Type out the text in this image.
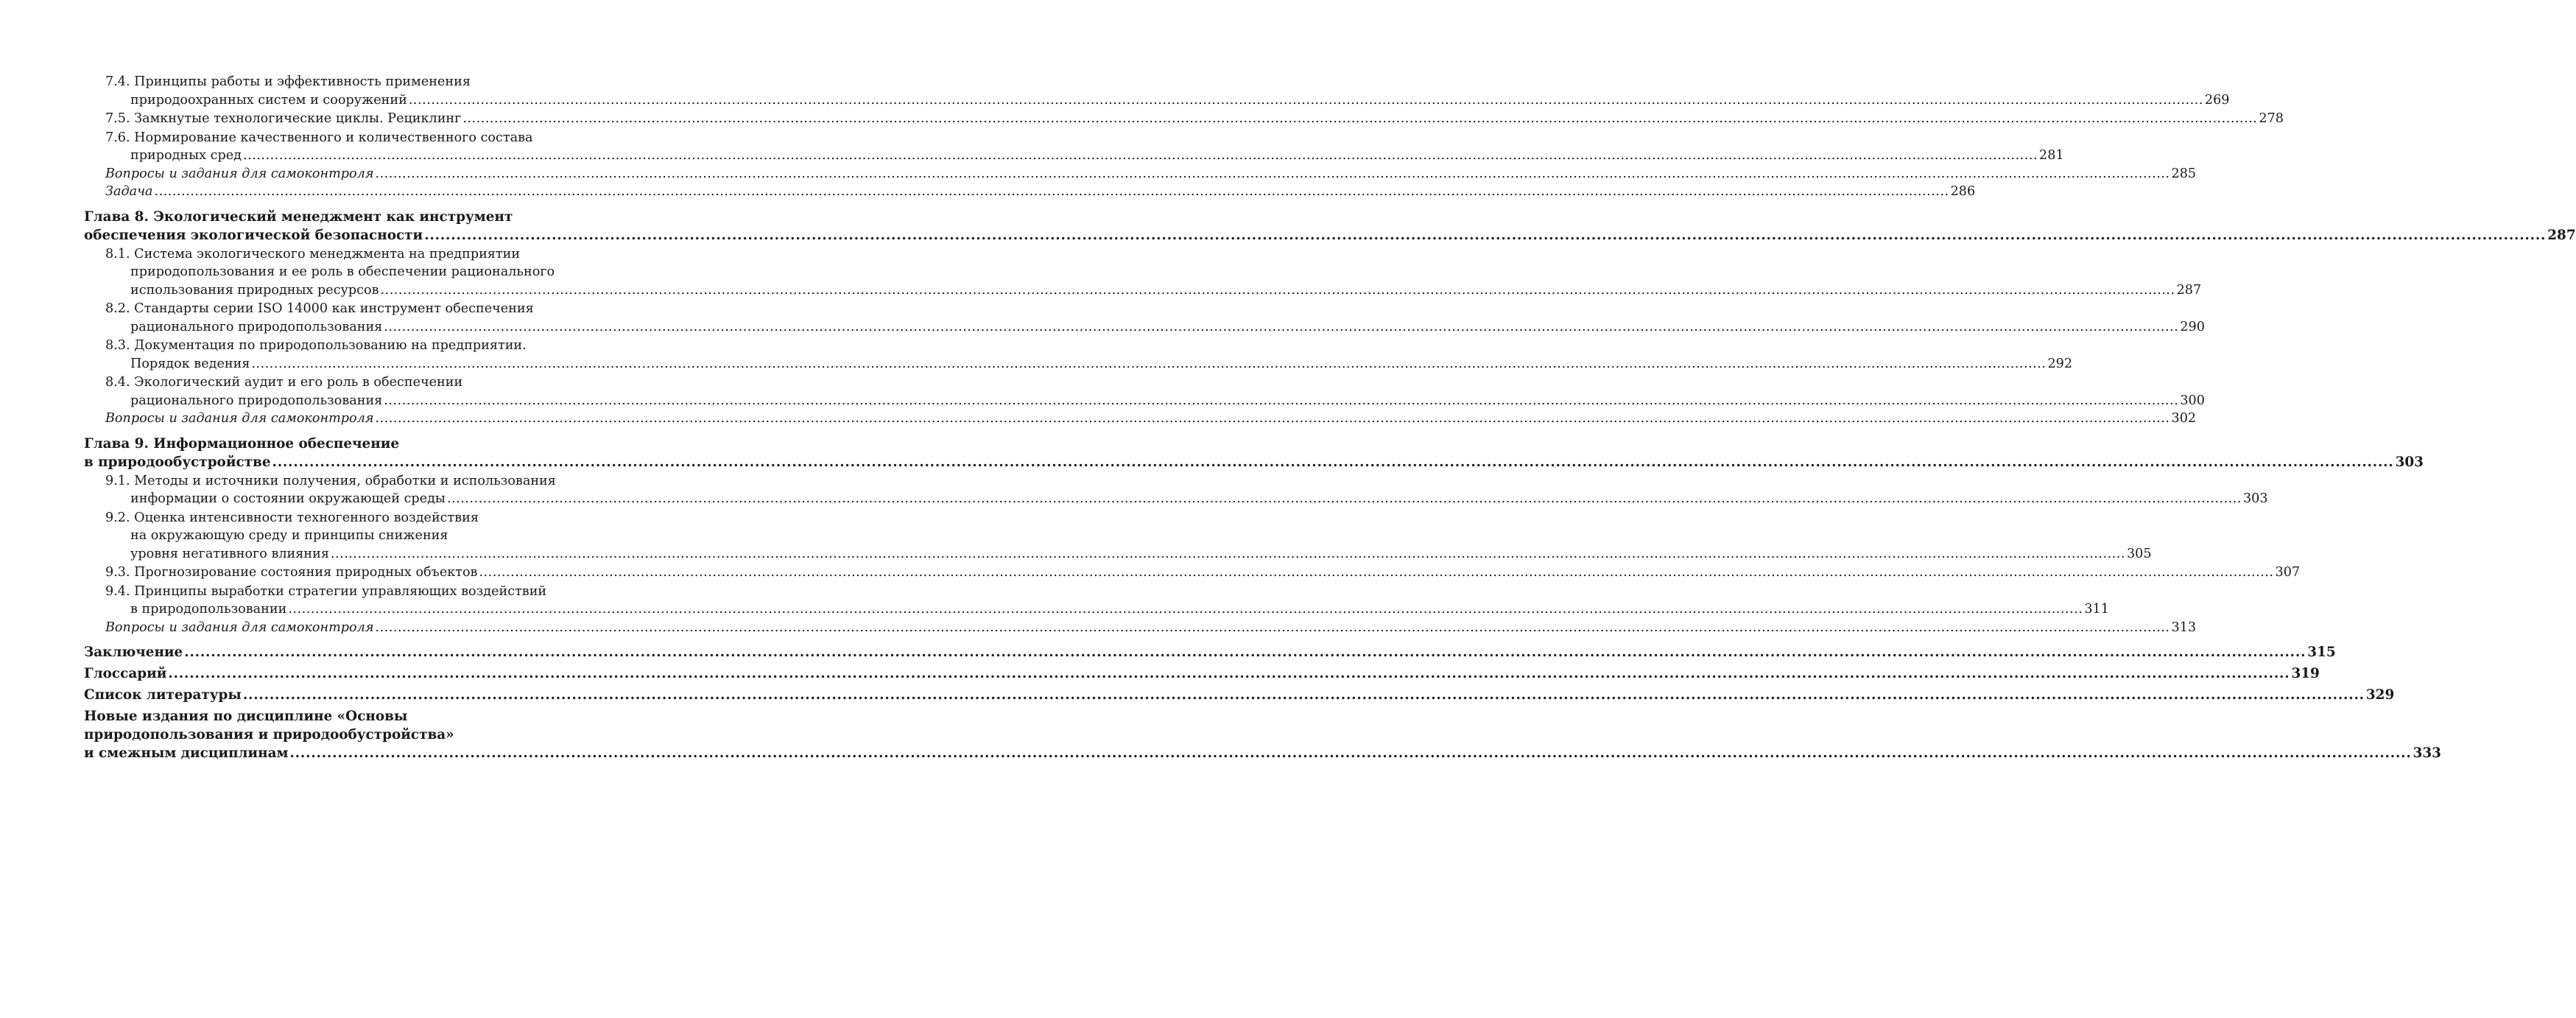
7.4. Принципы работы и эффективность применения
природоохранных систем и сооружений ................................................................................................................................................................................................................................................................................................................................................................................................................ 269
7.5. Замкнутые технологические циклы. Рециклинг ................................................................................................................................................................................................................................................................................................................................................................................................................ 278
7.6. Нормирование качественного и количественного состава
природных сред ................................................................................................................................................................................................................................................................................................................................................................................................................ 281
Вопросы и задания для самоконтроля ................................................................................................................................................................................................................................................................................................................................................................................................................ 285
Задача ................................................................................................................................................................................................................................................................................................................................................................................................................ 286
Глава 8. Экологический менеджмент как инструмент
обеспечения экологической безопасности ................................................................................................................................................................................................................................................................................................................................................................................................................ 287
8.1. Система экологического менеджмента на предприятии
природопользования и ее роль в обеспечении рационального
использования природных ресурсов ................................................................................................................................................................................................................................................................................................................................................................................................................ 287
8.2. Стандарты серии ISO 14000 как инструмент обеспечения
рационального природопользования ................................................................................................................................................................................................................................................................................................................................................................................................................ 290
8.3. Документация по природопользованию на предприятии.
Порядок ведения ................................................................................................................................................................................................................................................................................................................................................................................................................ 292
8.4. Экологический аудит и его роль в обеспечении
рационального природопользования ................................................................................................................................................................................................................................................................................................................................................................................................................ 300
Вопросы и задания для самоконтроля ................................................................................................................................................................................................................................................................................................................................................................................................................ 302
Глава 9. Информационное обеспечение
в природообустройстве ................................................................................................................................................................................................................................................................................................................................................................................................................ 303
9.1. Методы и источники получения, обработки и использования
информации о состоянии окружающей среды ................................................................................................................................................................................................................................................................................................................................................................................................................ 303
9.2. Оценка интенсивности техногенного воздействия
на окружающую среду и принципы снижения
уровня негативного влияния ................................................................................................................................................................................................................................................................................................................................................................................................................ 305
9.3. Прогнозирование состояния природных объектов ................................................................................................................................................................................................................................................................................................................................................................................................................ 307
9.4. Принципы выработки стратегии управляющих воздействий
в природопользовании ................................................................................................................................................................................................................................................................................................................................................................................................................ 311
Вопросы и задания для самоконтроля ................................................................................................................................................................................................................................................................................................................................................................................................................ 313
Заключение ................................................................................................................................................................................................................................................................................................................................................................................................................ 315
Глоссарий ................................................................................................................................................................................................................................................................................................................................................................................................................ 319
Список литературы ................................................................................................................................................................................................................................................................................................................................................................................................................ 329
Новые издания по дисциплине «Основы
природопользования и природообустройства»
и смежным дисциплинам ................................................................................................................................................................................................................................................................................................................................................................................................................ 333
